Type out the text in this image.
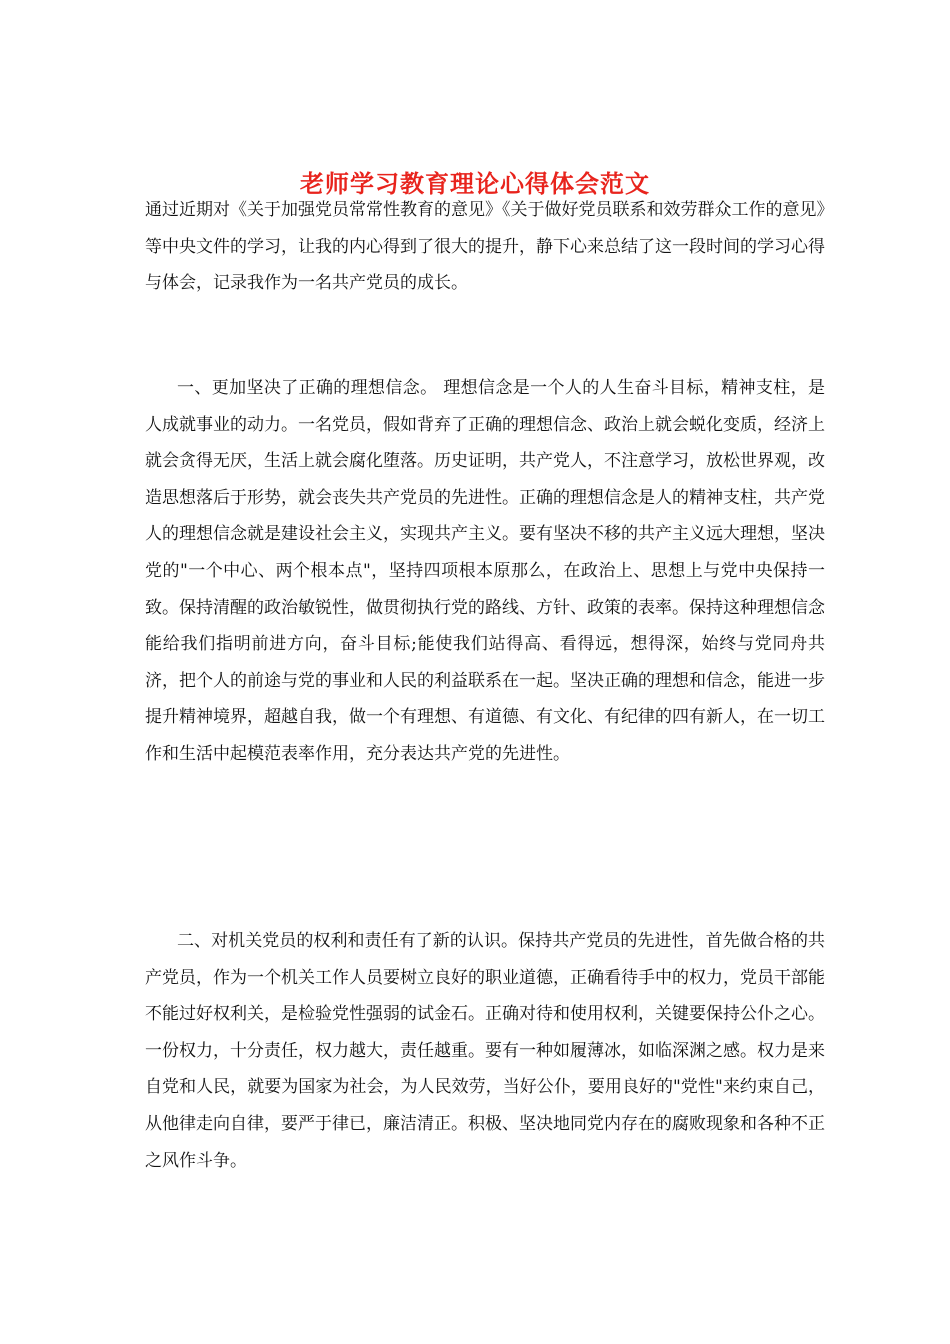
老师学习教育理论心得体会范文

通过近期对《关于加强党员常常性教育的意见》《关于做好党员联系和效劳群众工作的意见》等中央文件的学习，让我的内心得到了很大的提升，静下心来总结了这一段时间的学习心得与体会，记录我作为一名共产党员的成长。

一、更加坚决了正确的理想信念。 理想信念是一个人的人生奋斗目标，精神支柱，是人成就事业的动力。一名党员，假如背弃了正确的理想信念、政治上就会蜕化变质，经济上就会贪得无厌，生活上就会腐化堕落。历史证明，共产党人，不注意学习，放松世界观，改造思想落后于形势，就会丧失共产党员的先进性。正确的理想信念是人的精神支柱，共产党人的理想信念就是建设社会主义，实现共产主义。要有坚决不移的共产主义远大理想，坚决党的"一个中心、两个根本点"，坚持四项根本原那么，在政治上、思想上与党中央保持一致。保持清醒的政治敏锐性，做贯彻执行党的路线、方针、政策的表率。保持这种理想信念能给我们指明前进方向，奋斗目标;能使我们站得高、看得远，想得深，始终与党同舟共济，把个人的前途与党的事业和人民的利益联系在一起。坚决正确的理想和信念，能进一步提升精神境界，超越自我，做一个有理想、有道德、有文化、有纪律的四有新人，在一切工作和生活中起模范表率作用，充分表达共产党的先进性。

二、对机关党员的权利和责任有了新的认识。保持共产党员的先进性，首先做合格的共产党员，作为一个机关工作人员要树立良好的职业道德，正确看待手中的权力，党员干部能不能过好权利关，是检验党性强弱的试金石。正确对待和使用权利，关键要保持公仆之心。一份权力，十分责任，权力越大，责任越重。要有一种如履薄冰，如临深渊之感。权力是来自党和人民，就要为国家为社会，为人民效劳，当好公仆，要用良好的"党性"来约束自己，从他律走向自律，要严于律已，廉洁清正。积极、坚决地同党内存在的腐败现象和各种不正之风作斗争。
